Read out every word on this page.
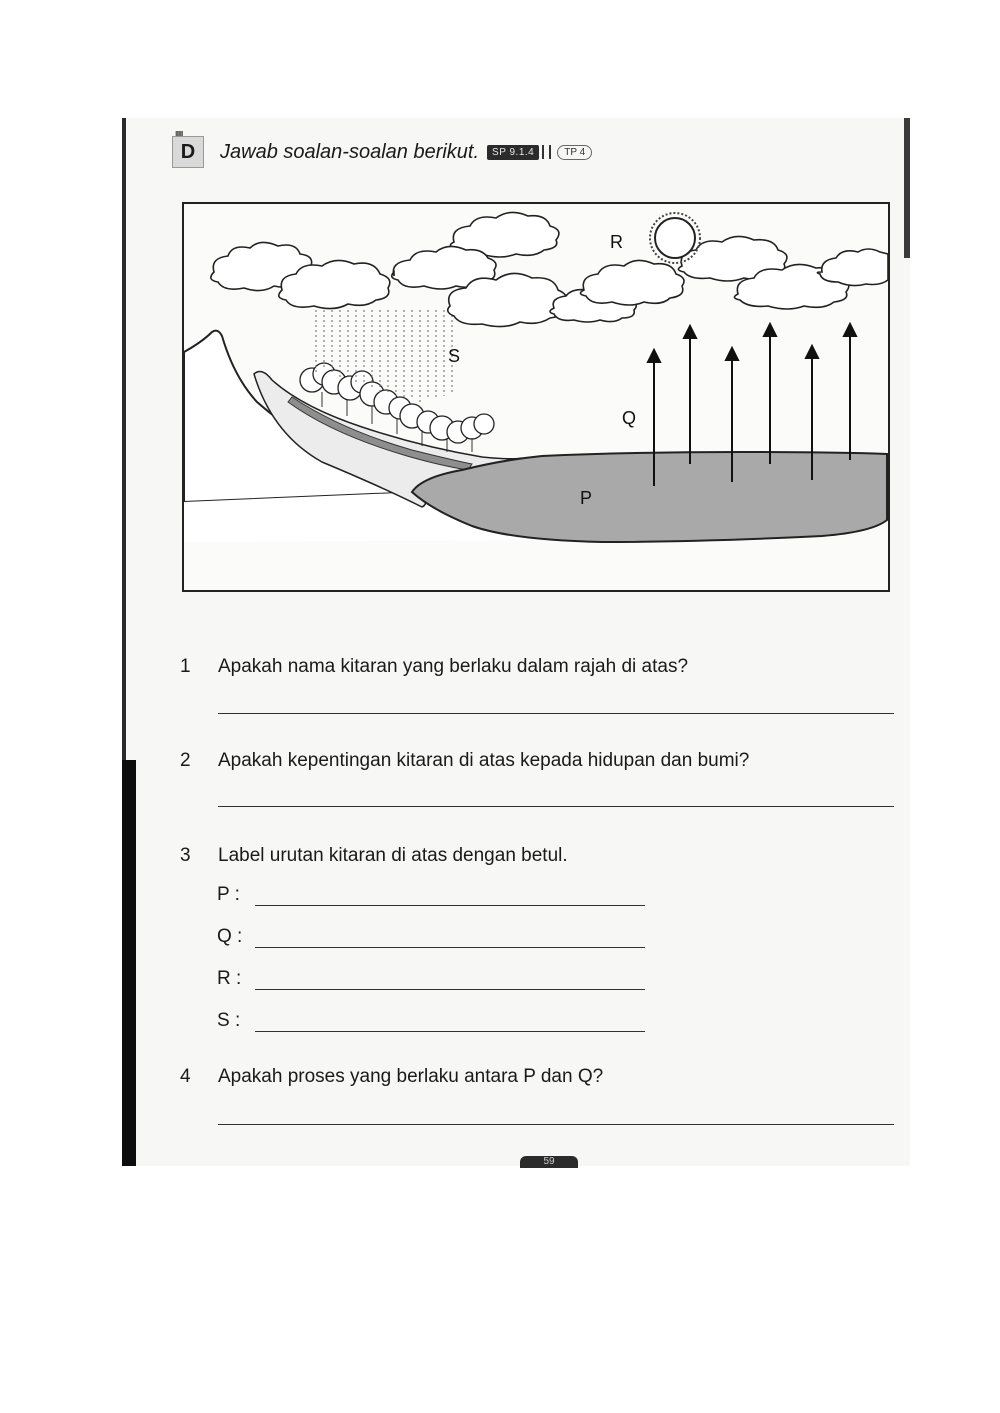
ııııı
D Jawab soalan-soalan berikut.	SP 9.1.4	TP 4
R
S
Q
P
1	Apakah nama kitaran yang berlaku dalam rajah di atas?
2	Apakah kepentingan kitaran di atas kepada hidupan dan bumi?
3	Label urutan kitaran di atas dengan betul.
P :
Q :
R :
S :
4	Apakah proses yang berlaku antara P dan Q?
59
